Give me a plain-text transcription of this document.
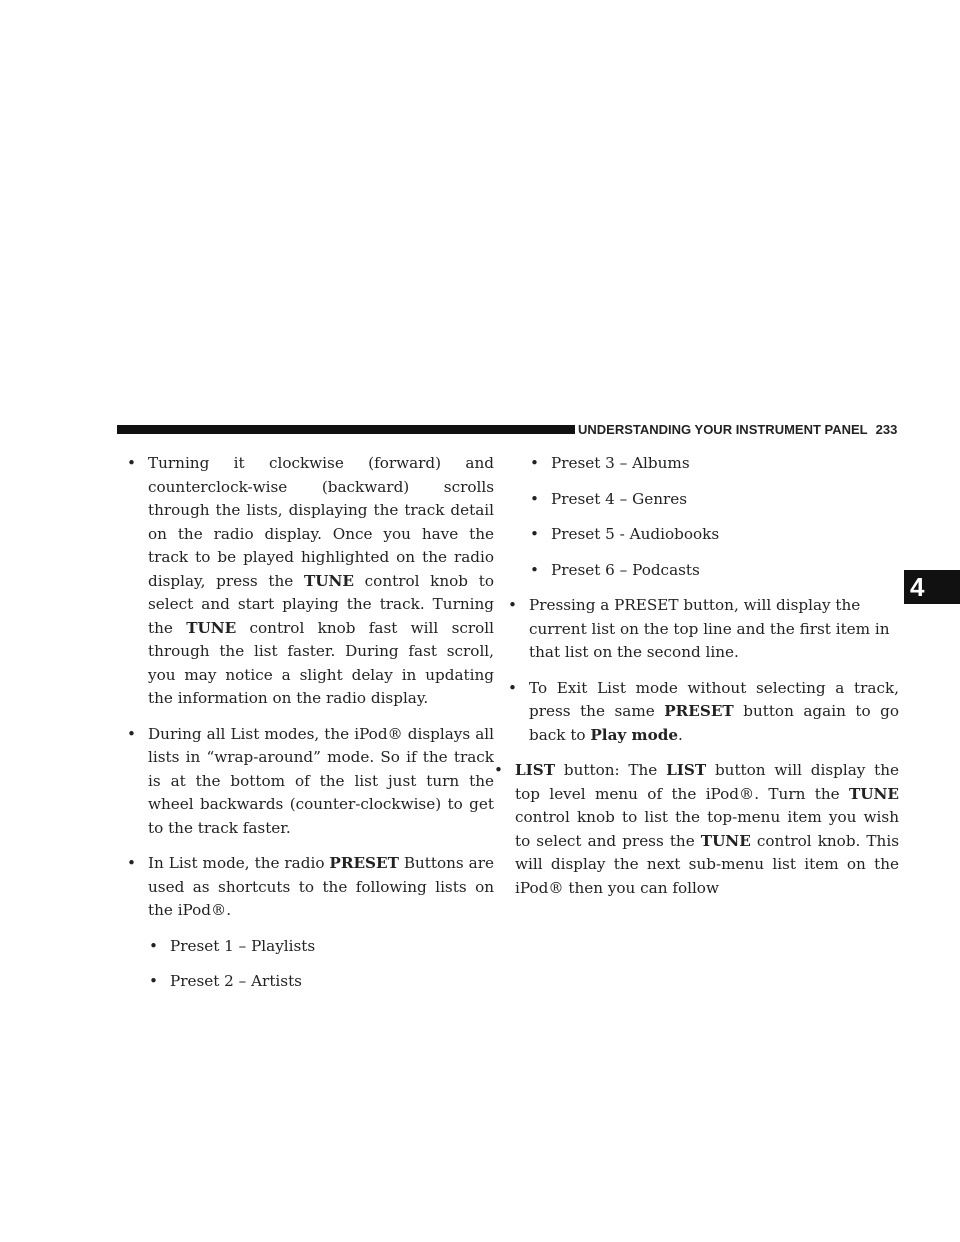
UNDERSTANDING YOUR INSTRUMENT PANEL 233
4

• Turning it clockwise (forward) and counterclock-wise (backward) scrolls through the lists, displaying the track detail on the radio display. Once you have the track to be played highlighted on the radio display, press the TUNE control knob to select and start playing the track. Turning the TUNE control knob fast will scroll through the list faster. During fast scroll, you may notice a slight delay in updating the information on the radio display.

• During all List modes, the iPod® displays all lists in “wrap-around” mode. So if the track is at the bottom of the list just turn the wheel backwards (counter-clockwise) to get to the track faster.

• In List mode, the radio PRESET Buttons are used as shortcuts to the following lists on the iPod®.

• Preset 1 – Playlists

• Preset 2 – Artists

• Preset 3 – Albums

• Preset 4 – Genres

• Preset 5 - Audiobooks

• Preset 6 – Podcasts

• Pressing a PRESET button, will display the current list on the top line and the first item in that list on the second line.

• To Exit List mode without selecting a track, press the same PRESET button again to go back to Play mode.

• LIST button: The LIST button will display the top level menu of the iPod®. Turn the TUNE control knob to list the top-menu item you wish to select and press the TUNE control knob. This will display the next sub-menu list item on the iPod® then you can follow
